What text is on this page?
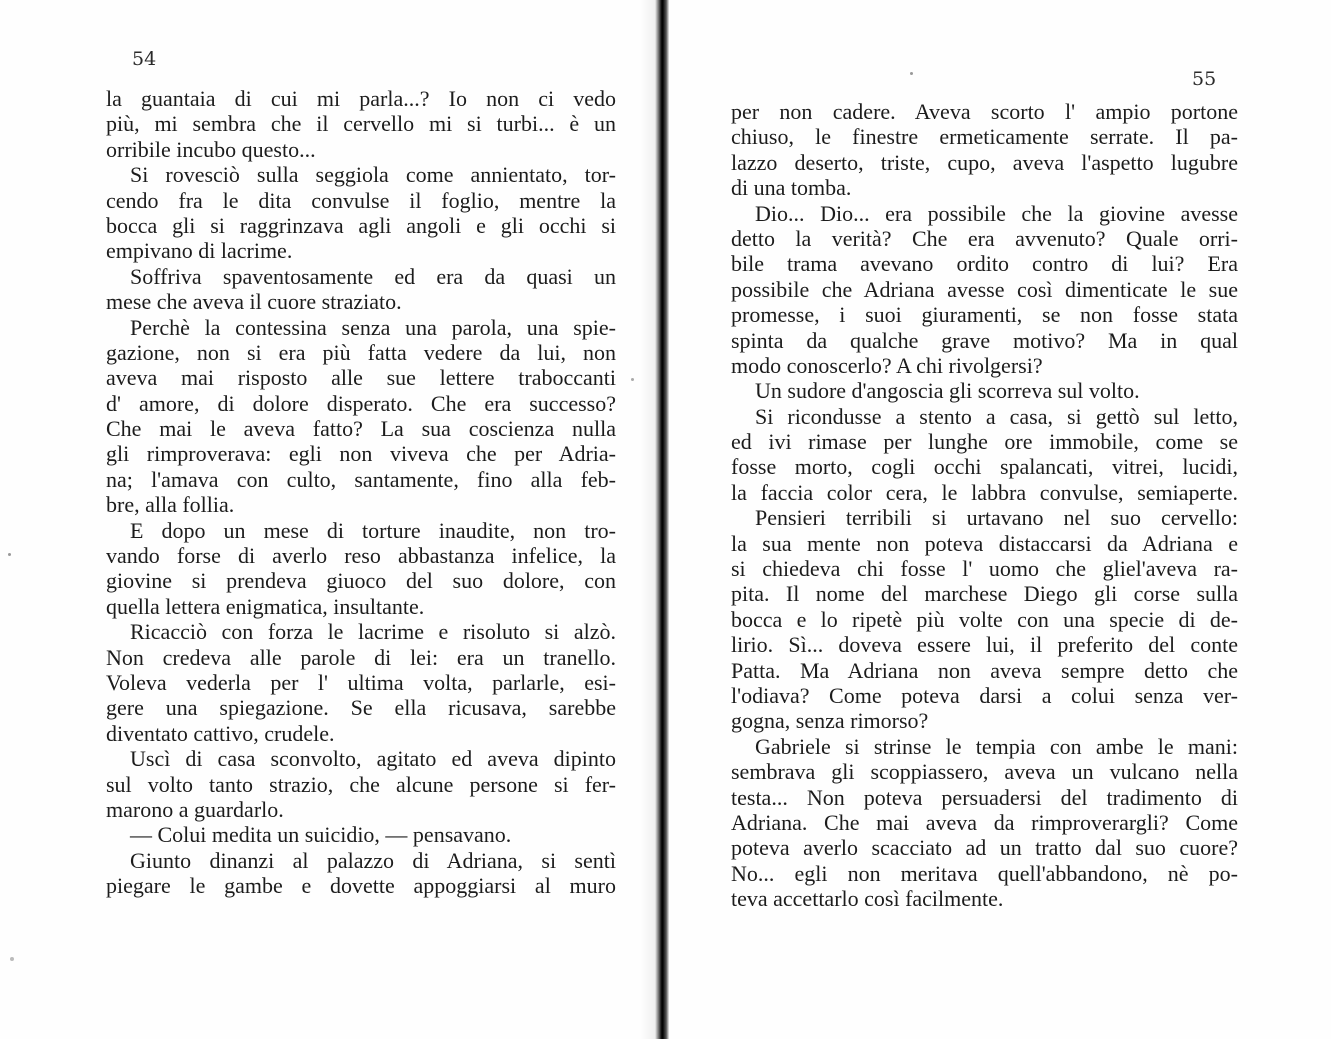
54
la guantaia di cui mi parla...? Io non ci vedo
più, mi sembra che il cervello mi si turbi... è un
orribile incubo questo...
Si rovesciò sulla seggiola come annientato, tor-
cendo fra le dita convulse il foglio, mentre la
bocca gli si raggrinzava agli angoli e gli occhi si
empivano di lacrime.
Soffriva spaventosamente ed era da quasi un
mese che aveva il cuore straziato.
Perchè la contessina senza una parola, una spie-
gazione, non si era più fatta vedere da lui, non
aveva mai risposto alle sue lettere traboccanti
d' amore, di dolore disperato. Che era successo?
Che mai le aveva fatto? La sua coscienza nulla
gli rimproverava: egli non viveva che per Adria-
na; l'amava con culto, santamente, fino alla feb-
bre, alla follia.
E dopo un mese di torture inaudite, non tro-
vando forse di averlo reso abbastanza infelice, la
giovine si prendeva giuoco del suo dolore, con
quella lettera enigmatica, insultante.
Ricacciò con forza le lacrime e risoluto si alzò.
Non credeva alle parole di lei: era un tranello.
Voleva vederla per l' ultima volta, parlarle, esi-
gere una spiegazione. Se ella ricusava, sarebbe
diventato cattivo, crudele.
Uscì di casa sconvolto, agitato ed aveva dipinto
sul volto tanto strazio, che alcune persone si fer-
marono a guardarlo.
— Colui medita un suicidio, — pensavano.
Giunto dinanzi al palazzo di Adriana, si sentì
piegare le gambe e dovette appoggiarsi al muro
55
per non cadere. Aveva scorto l' ampio portone
chiuso, le finestre ermeticamente serrate. Il pa-
lazzo deserto, triste, cupo, aveva l'aspetto lugubre
di una tomba.
Dio... Dio... era possibile che la giovine avesse
detto la verità? Che era avvenuto? Quale orri-
bile trama avevano ordito contro di lui? Era
possibile che Adriana avesse così dimenticate le sue
promesse, i suoi giuramenti, se non fosse stata
spinta da qualche grave motivo? Ma in qual
modo conoscerlo? A chi rivolgersi?
Un sudore d'angoscia gli scorreva sul volto.
Si ricondusse a stento a casa, si gettò sul letto,
ed ivi rimase per lunghe ore immobile, come se
fosse morto, cogli occhi spalancati, vitrei, lucidi,
la faccia color cera, le labbra convulse, semiaperte.
Pensieri terribili si urtavano nel suo cervello:
la sua mente non poteva distaccarsi da Adriana e
si chiedeva chi fosse l' uomo che gliel'aveva ra-
pita. Il nome del marchese Diego gli corse sulla
bocca e lo ripetè più volte con una specie di de-
lirio. Sì... doveva essere lui, il preferito del conte
Patta. Ma Adriana non aveva sempre detto che
l'odiava? Come poteva darsi a colui senza ver-
gogna, senza rimorso?
Gabriele si strinse le tempia con ambe le mani:
sembrava gli scoppiassero, aveva un vulcano nella
testa... Non poteva persuadersi del tradimento di
Adriana. Che mai aveva da rimproverargli? Come
poteva averlo scacciato ad un tratto dal suo cuore?
No... egli non meritava quell'abbandono, nè po-
teva accettarlo così facilmente.
